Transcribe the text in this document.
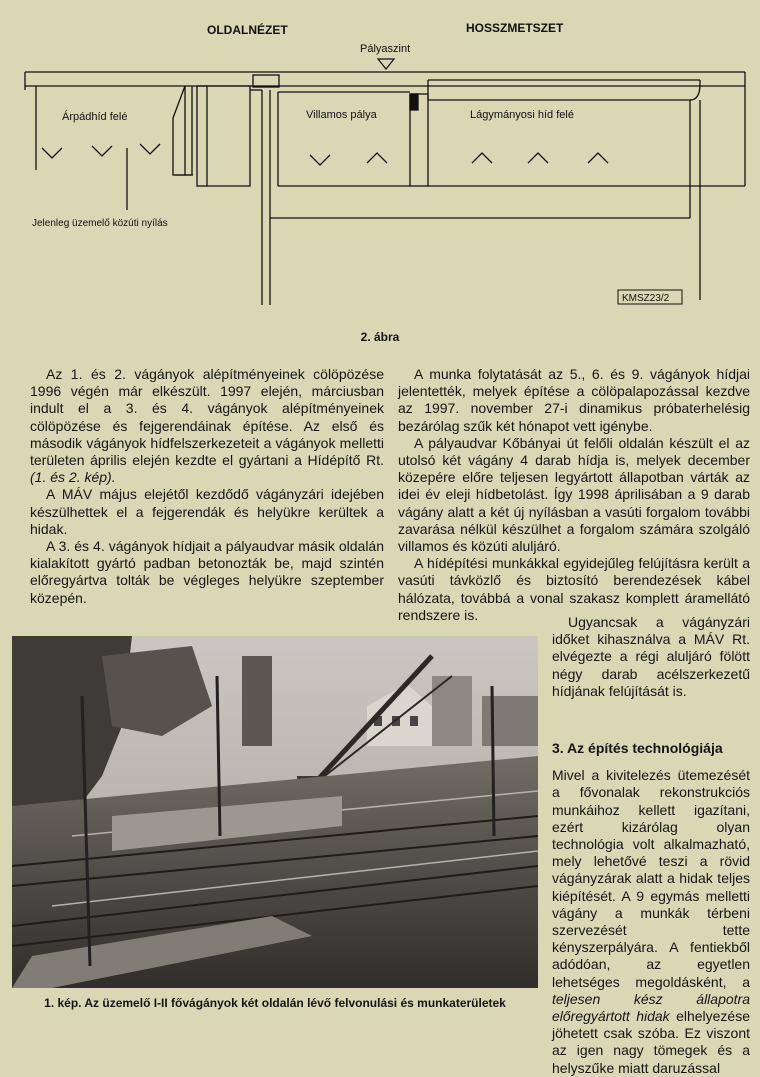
OLDALNÉZET	HOSSZMETSZET
Pályaszint
Árpádhíd felé	Villamos pálya	Lágymányosi híd felé
Jelenleg üzemelő közúti nyílás
KMSZ23/2
2. ábra

Az 1. és 2. vágányok alépítményeinek cölöpözése 1996 végén már elkészült. 1997 elején, márciusban indult el a 3. és 4. vágányok alépítményeinek cölöpözése és fejgerendáinak építése. Az első és második vágányok hídfelszerkezeteit a vágányok melletti területen április elején kezdte el gyártani a Hídépítő Rt. (1. és 2. kép).

A MÁV május elejétől kezdődő vágányzári idejében készülhettek el a fejgerendák és helyükre kerültek a hidak.

A 3. és 4. vágányok hídjait a pályaudvar másik oldalán kialakított gyártó padban betonozták be, majd szintén előregyártva tolták be végleges helyükre szeptember közepén.

A munka folytatását az 5., 6. és 9. vágányok hídjai jelentették, melyek építése a cölöpalapozással kezdve az 1997. november 27-i dinamikus próbaterhelésig bezárólag szűk két hónapot vett igénybe.

A pályaudvar Kőbányai út felőli oldalán készült el az utolsó két vágány 4 darab hídja is, melyek december közepére előre teljesen legyártott állapotban várták az idei év eleji hídbetolást. Így 1998 áprilisában a 9 darab vágány alatt a két új nyílásban a vasúti forgalom további zavarása nélkül készülhet a forgalom számára szolgáló villamos és közúti aluljáró.

A hídépítési munkákkal egyidejűleg felújításra került a vasúti távközlő és biztosító berendezések kábel hálózata, továbbá a vonal szakasz komplett áramellátó rendszere is.	Ugyancsak a vágányzári időket kihasználva a MÁV Rt. elvégezte a régi aluljáró fölött négy darab acélszerkezetű hídjának felújítását is.

3. Az építés technológiája

Mivel a kivitelezés ütemezését a fővonalak rekonstrukciós munkáihoz kellett igazítani, ezért kizárólag olyan technológia volt alkalmazható, mely lehetővé teszi a rövid vágányzárak alatt a hidak teljes kiépítését. A 9 egymás melletti vágány a munkák térbeni szervezését tette kényszerpályára. A fentiekből adódóan, az egyetlen lehetséges megoldásként, a teljesen kész állapotra előregyártott hidak elhelyezése jöhetett csak szóba. Ez viszont az igen nagy tömegek és a helyszűke miatt daruzással

1. kép. Az üzemelő I-II fővágányok két oldalán lévő felvonulási és munkaterületek
